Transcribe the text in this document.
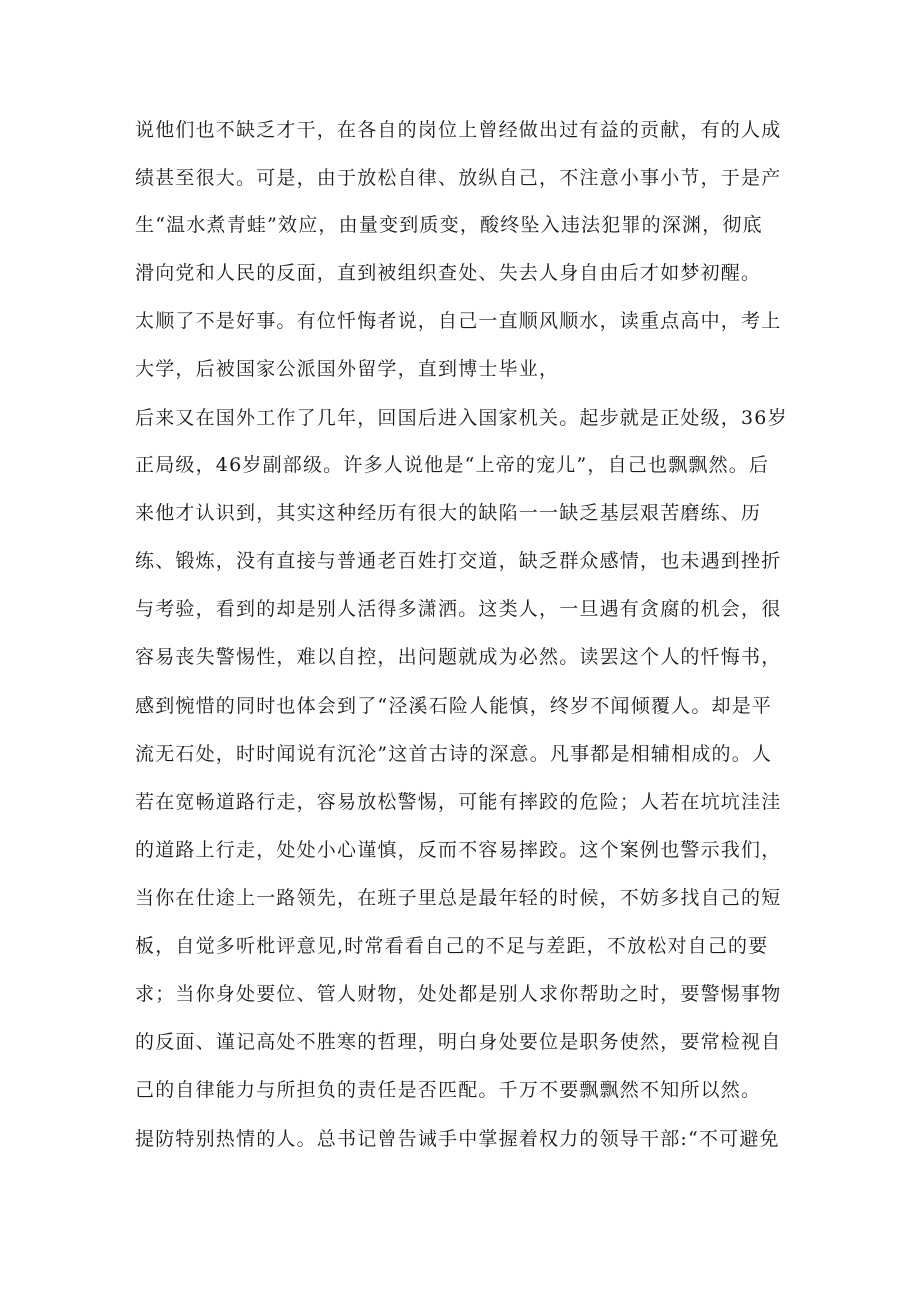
说他们也不缺乏才干，在各自的岗位上曾经做出过有益的贡献，有的人成
绩甚至很大。可是，由于放松自律、放纵自己，不注意小事小节，于是产
生“温水煮青蛙”效应，由量变到质变，酸终坠入违法犯罪的深渊，彻底
滑向党和人民的反面，直到被组织查处、失去人身自由后才如梦初醒。
太顺了不是好事。有位忏悔者说，自己一直顺风顺水，读重点高中，考上
大学，后被国家公派国外留学，直到博士毕业，
后来又在国外工作了几年，回国后进入国家机关。起步就是正处级，36岁
正局级，46岁副部级。许多人说他是“上帝的宠儿”，自己也飘飘然。后
来他才认识到，其实这种经历有很大的缺陷一一缺乏基层艰苦磨练、历
练、锻炼，没有直接与普通老百姓打交道，缺乏群众感情，也未遇到挫折
与考验，看到的却是别人活得多潇洒。这类人，一旦遇有贪腐的机会，很
容易丧失警惕性，难以自控，出问题就成为必然。读罢这个人的忏悔书，
感到惋惜的同时也体会到了“泾溪石险人能慎，终岁不闻倾覆人。却是平
流无石处，时时闻说有沉沦”这首古诗的深意。凡事都是相辅相成的。人
若在宽畅道路行走，容易放松警惕，可能有摔跤的危险；人若在坑坑洼洼
的道路上行走，处处小心谨慎，反而不容易摔跤。这个案例也警示我们，
当你在仕途上一路领先，在班子里总是最年轻的时候，不妨多找自己的短
板，自觉多听枇评意见,时常看看自己的不足与差距，不放松对自己的要
求；当你身处要位、管人财物，处处都是别人求你帮助之时，要警惕事物
的反面、谨记高处不胜寒的哲理，明白身处要位是职务使然，要常检视自
己的自律能力与所担负的责任是否匹配。千万不要飘飘然不知所以然。
提防特别热情的人。总书记曾告诫手中掌握着权力的领导干部:“不可避免
